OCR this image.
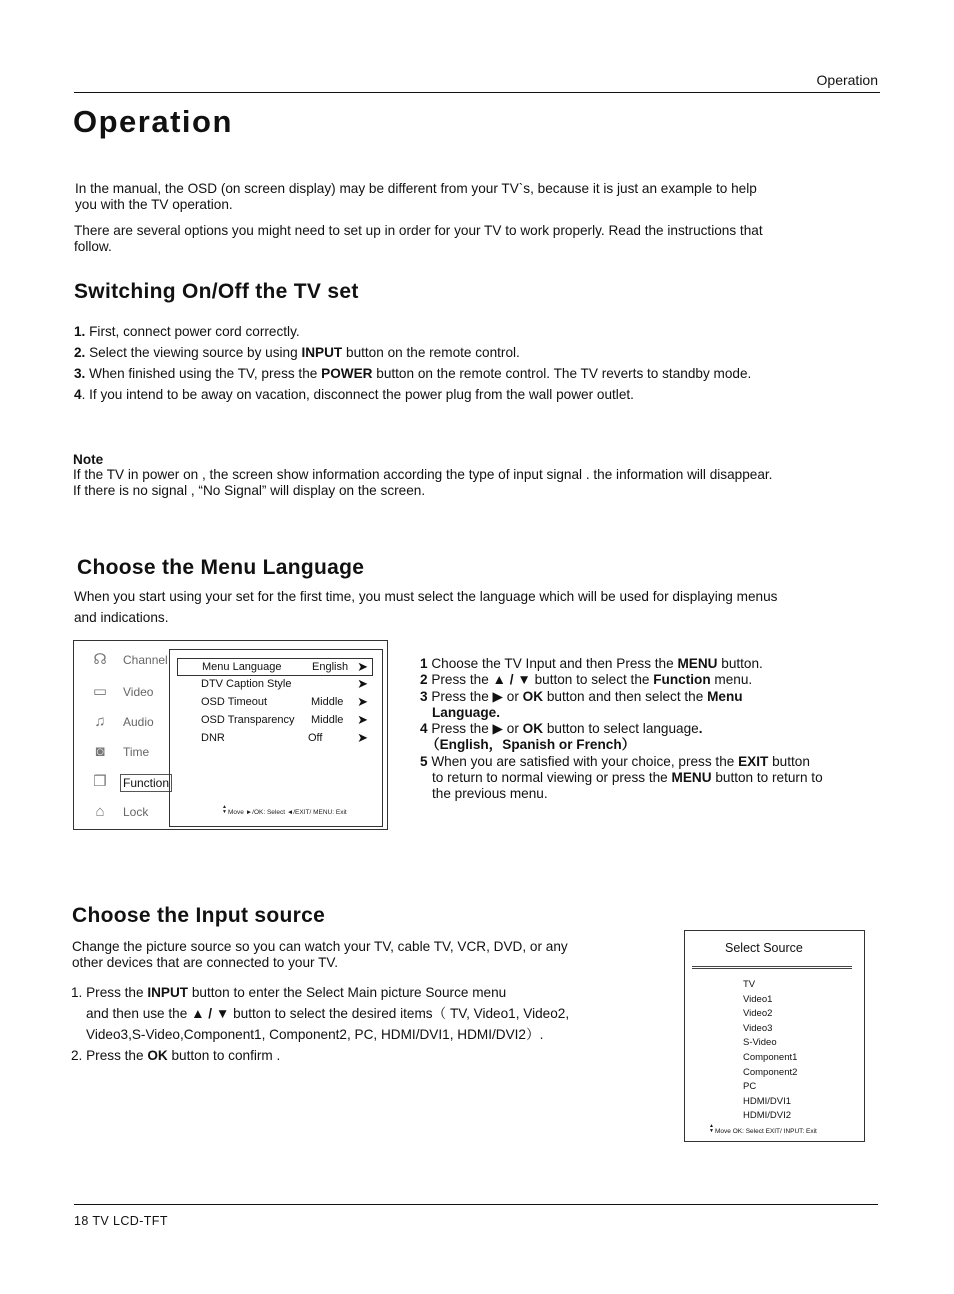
Operation
Operation

In the manual, the OSD (on screen display) may be different from your TV`s, because it is just an example to help

you with the TV operation.

There are several options you might need to set up in order for your TV to work properly. Read the instructions that

follow.

Switching On/Off the TV set
1. First, connect power cord correctly.
2. Select the viewing source by using INPUT button on the remote control.
3. When finished using the TV, press the POWER button on the remote control. The TV reverts to standby mode.
4. If you intend to be away on vacation, disconnect the power plug from the wall power outlet.
Note

If the TV in power on , the screen show information according the type of input signal . the information will disappear.

If there is no signal , “No Signal” will display on the screen.

Choose the Menu Language

When you start using your set for the first time, you must select the language which will be used for displaying menus

and indications.

☊ Channel
▭ Video
♫	Audio
◙	Time
❒ Function
⌂	Lock
Menu Language	English ➤
DTV Caption Style	➤
OSD Timeout	Middle ➤
OSD Transparency Middle ➤
DNR	Off	➤
▲
▼ Move ►/OK: Select ◄/EXIT/ MENU: Exit
1 Choose the TV Input and then Press the MENU button.
2 Press the ▲ / ▼ button to select the Function menu.
3 Press the ▶ or OK button and then select the Menu
Language.
4 Press the ▶ or OK button to select language.
（English，Spanish or French）
5 When you are satisfied with your choice, press the EXIT button
to return to normal viewing or press the MENU button to return to
the previous menu.
Choose the Input source

Change the picture source so you can watch your TV, cable TV, VCR, DVD, or any

other devices that are connected to your TV.

1. Press the INPUT button to enter the Select Main picture Source menu
and then use the ▲ / ▼ button to select the desired items（ TV, Video1, Video2,
Video3,S-Video,Component1, Component2, PC, HDMI/DVI1, HDMI/DVI2）.
2. Press the OK button to confirm .
Select Source
TV
Video1
Video2
Video3
S-Video
Component1
Component2
PC
HDMI/DVI1
HDMI/DVI2
▲
▼ Move OK: Select EXIT/ INPUT: Exit
18 TV LCD-TFT
